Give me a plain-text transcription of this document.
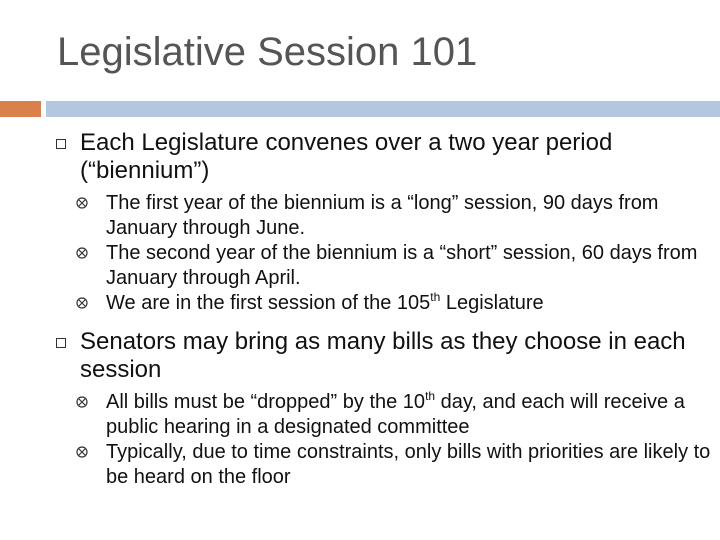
Legislative Session 101
Each Legislature convenes over a two year period (“biennium”)
The first year of the biennium is a “long” session, 90 days from January through June.
The second year of the biennium is a “short” session, 60 days from January through April.
We are in the first session of the 105th Legislature
Senators may bring as many bills as they choose in each session
All bills must be “dropped” by the 10th day, and each will receive a public hearing in a designated committee
Typically, due to time constraints, only bills with priorities are likely to be heard on the floor
